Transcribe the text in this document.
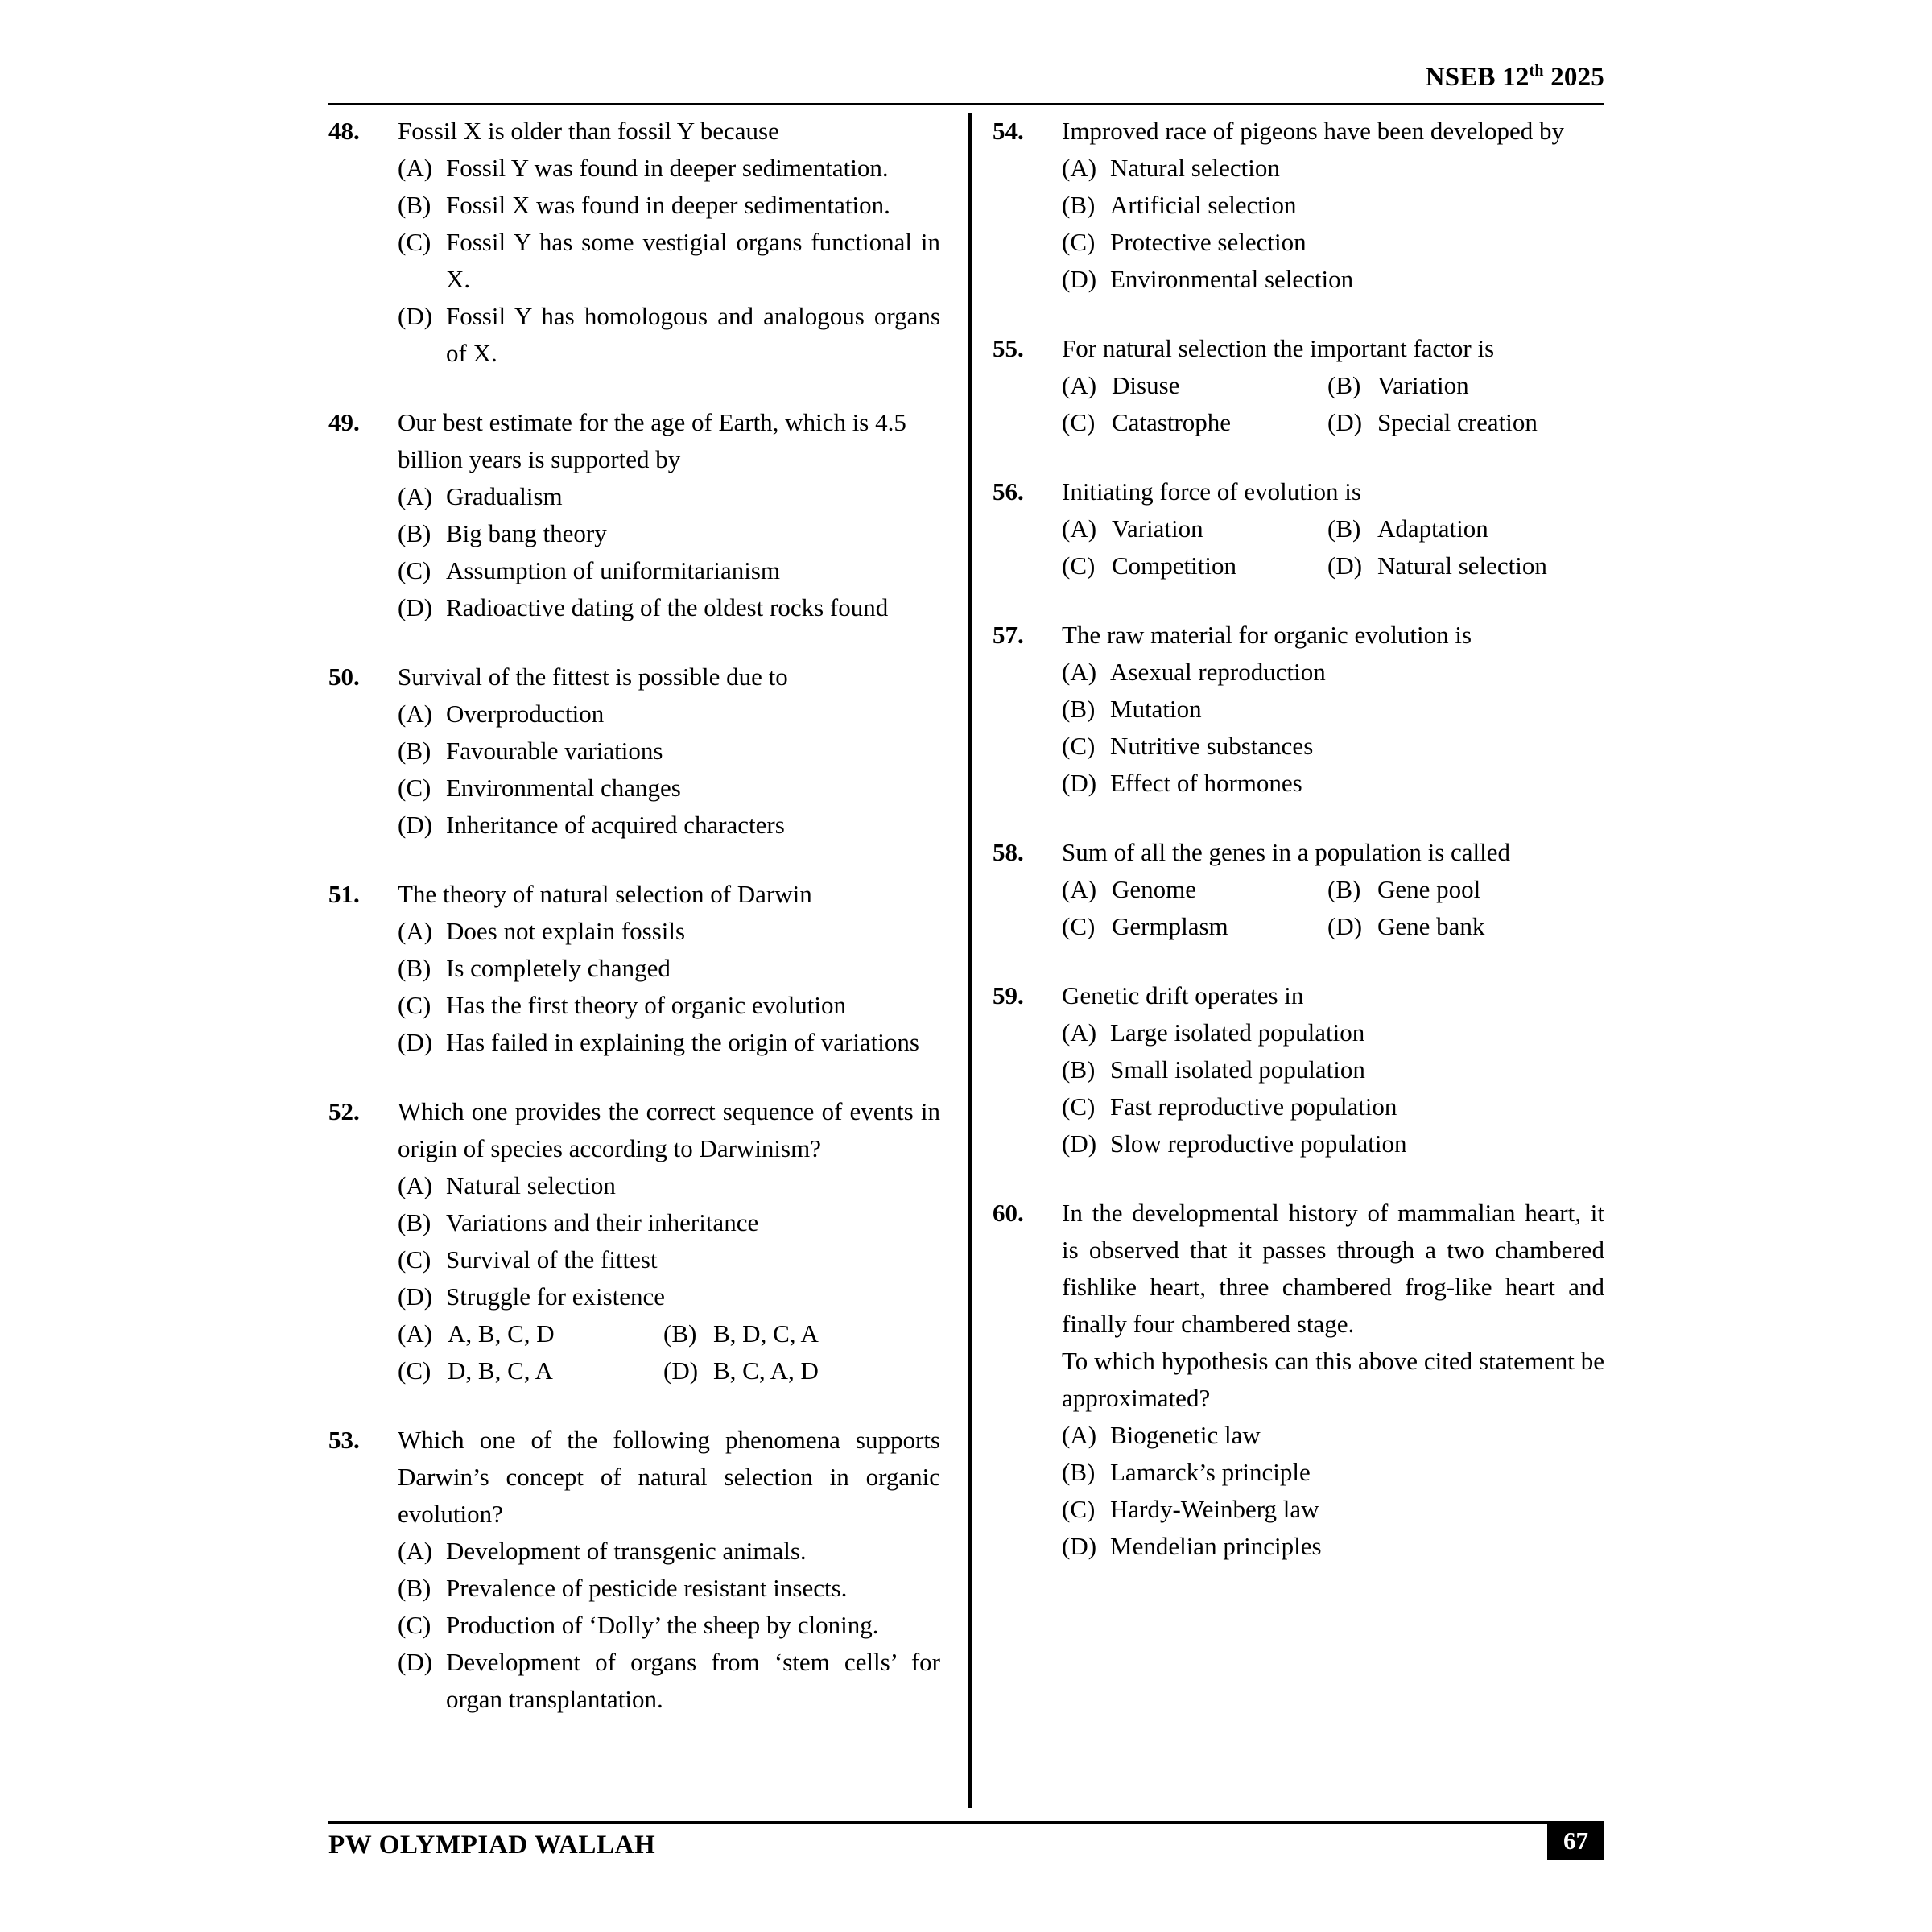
NSEB 12th 2025
48.	Fossil X is older than fossil Y because
(A) Fossil Y was found in deeper sedimentation.
(B) Fossil X was found in deeper sedimentation.
(C) Fossil Y has some vestigial organs functional in X.
(D) Fossil Y has homologous and analogous organs of X.
49.	Our best estimate for the age of Earth, which is 4.5 billion years is supported by
(A) Gradualism
(B) Big bang theory
(C) Assumption of uniformitarianism
(D) Radioactive dating of the oldest rocks found
50.	Survival of the fittest is possible due to
(A) Overproduction
(B) Favourable variations
(C) Environmental changes
(D) Inheritance of acquired characters
51.	The theory of natural selection of Darwin
(A) Does not explain fossils
(B) Is completely changed
(C) Has the first theory of organic evolution
(D) Has failed in explaining the origin of variations
52.	Which one provides the correct sequence of events in origin of species according to Darwinism?
(A) Natural selection
(B) Variations and their inheritance
(C) Survival of the fittest
(D) Struggle for existence
(A) A, B, C, D	(B) B, D, C, A
(C) D, B, C, A	(D) B, C, A, D
53.	Which one of the following phenomena supports Darwin’s concept of natural selection in organic evolution?
(A) Development of transgenic animals.
(B) Prevalence of pesticide resistant insects.
(C) Production of ‘Dolly’ the sheep by cloning.
(D) Development of organs from ‘stem cells’ for organ transplantation.
54.	Improved race of pigeons have been developed by
(A) Natural selection
(B) Artificial selection
(C) Protective selection
(D) Environmental selection
55.	For natural selection the important factor is
(A) Disuse	(B) Variation
(C) Catastrophe	(D) Special creation
56.	Initiating force of evolution is
(A) Variation	(B) Adaptation
(C) Competition	(D) Natural selection
57.	The raw material for organic evolution is
(A) Asexual reproduction
(B) Mutation
(C) Nutritive substances
(D) Effect of hormones
58.	Sum of all the genes in a population is called
(A) Genome	(B) Gene pool
(C) Germplasm	(D) Gene bank
59.	Genetic drift operates in
(A) Large isolated population
(B) Small isolated population
(C) Fast reproductive population
(D) Slow reproductive population
60.	In the developmental history of mammalian heart, it is observed that it passes through a two chambered fishlike heart, three chambered frog-like heart and finally four chambered stage.
To which hypothesis can this above cited statement be approximated?
(A) Biogenetic law
(B) Lamarck’s principle
(C) Hardy-Weinberg law
(D) Mendelian principles
PW OLYMPIAD WALLAH	67
